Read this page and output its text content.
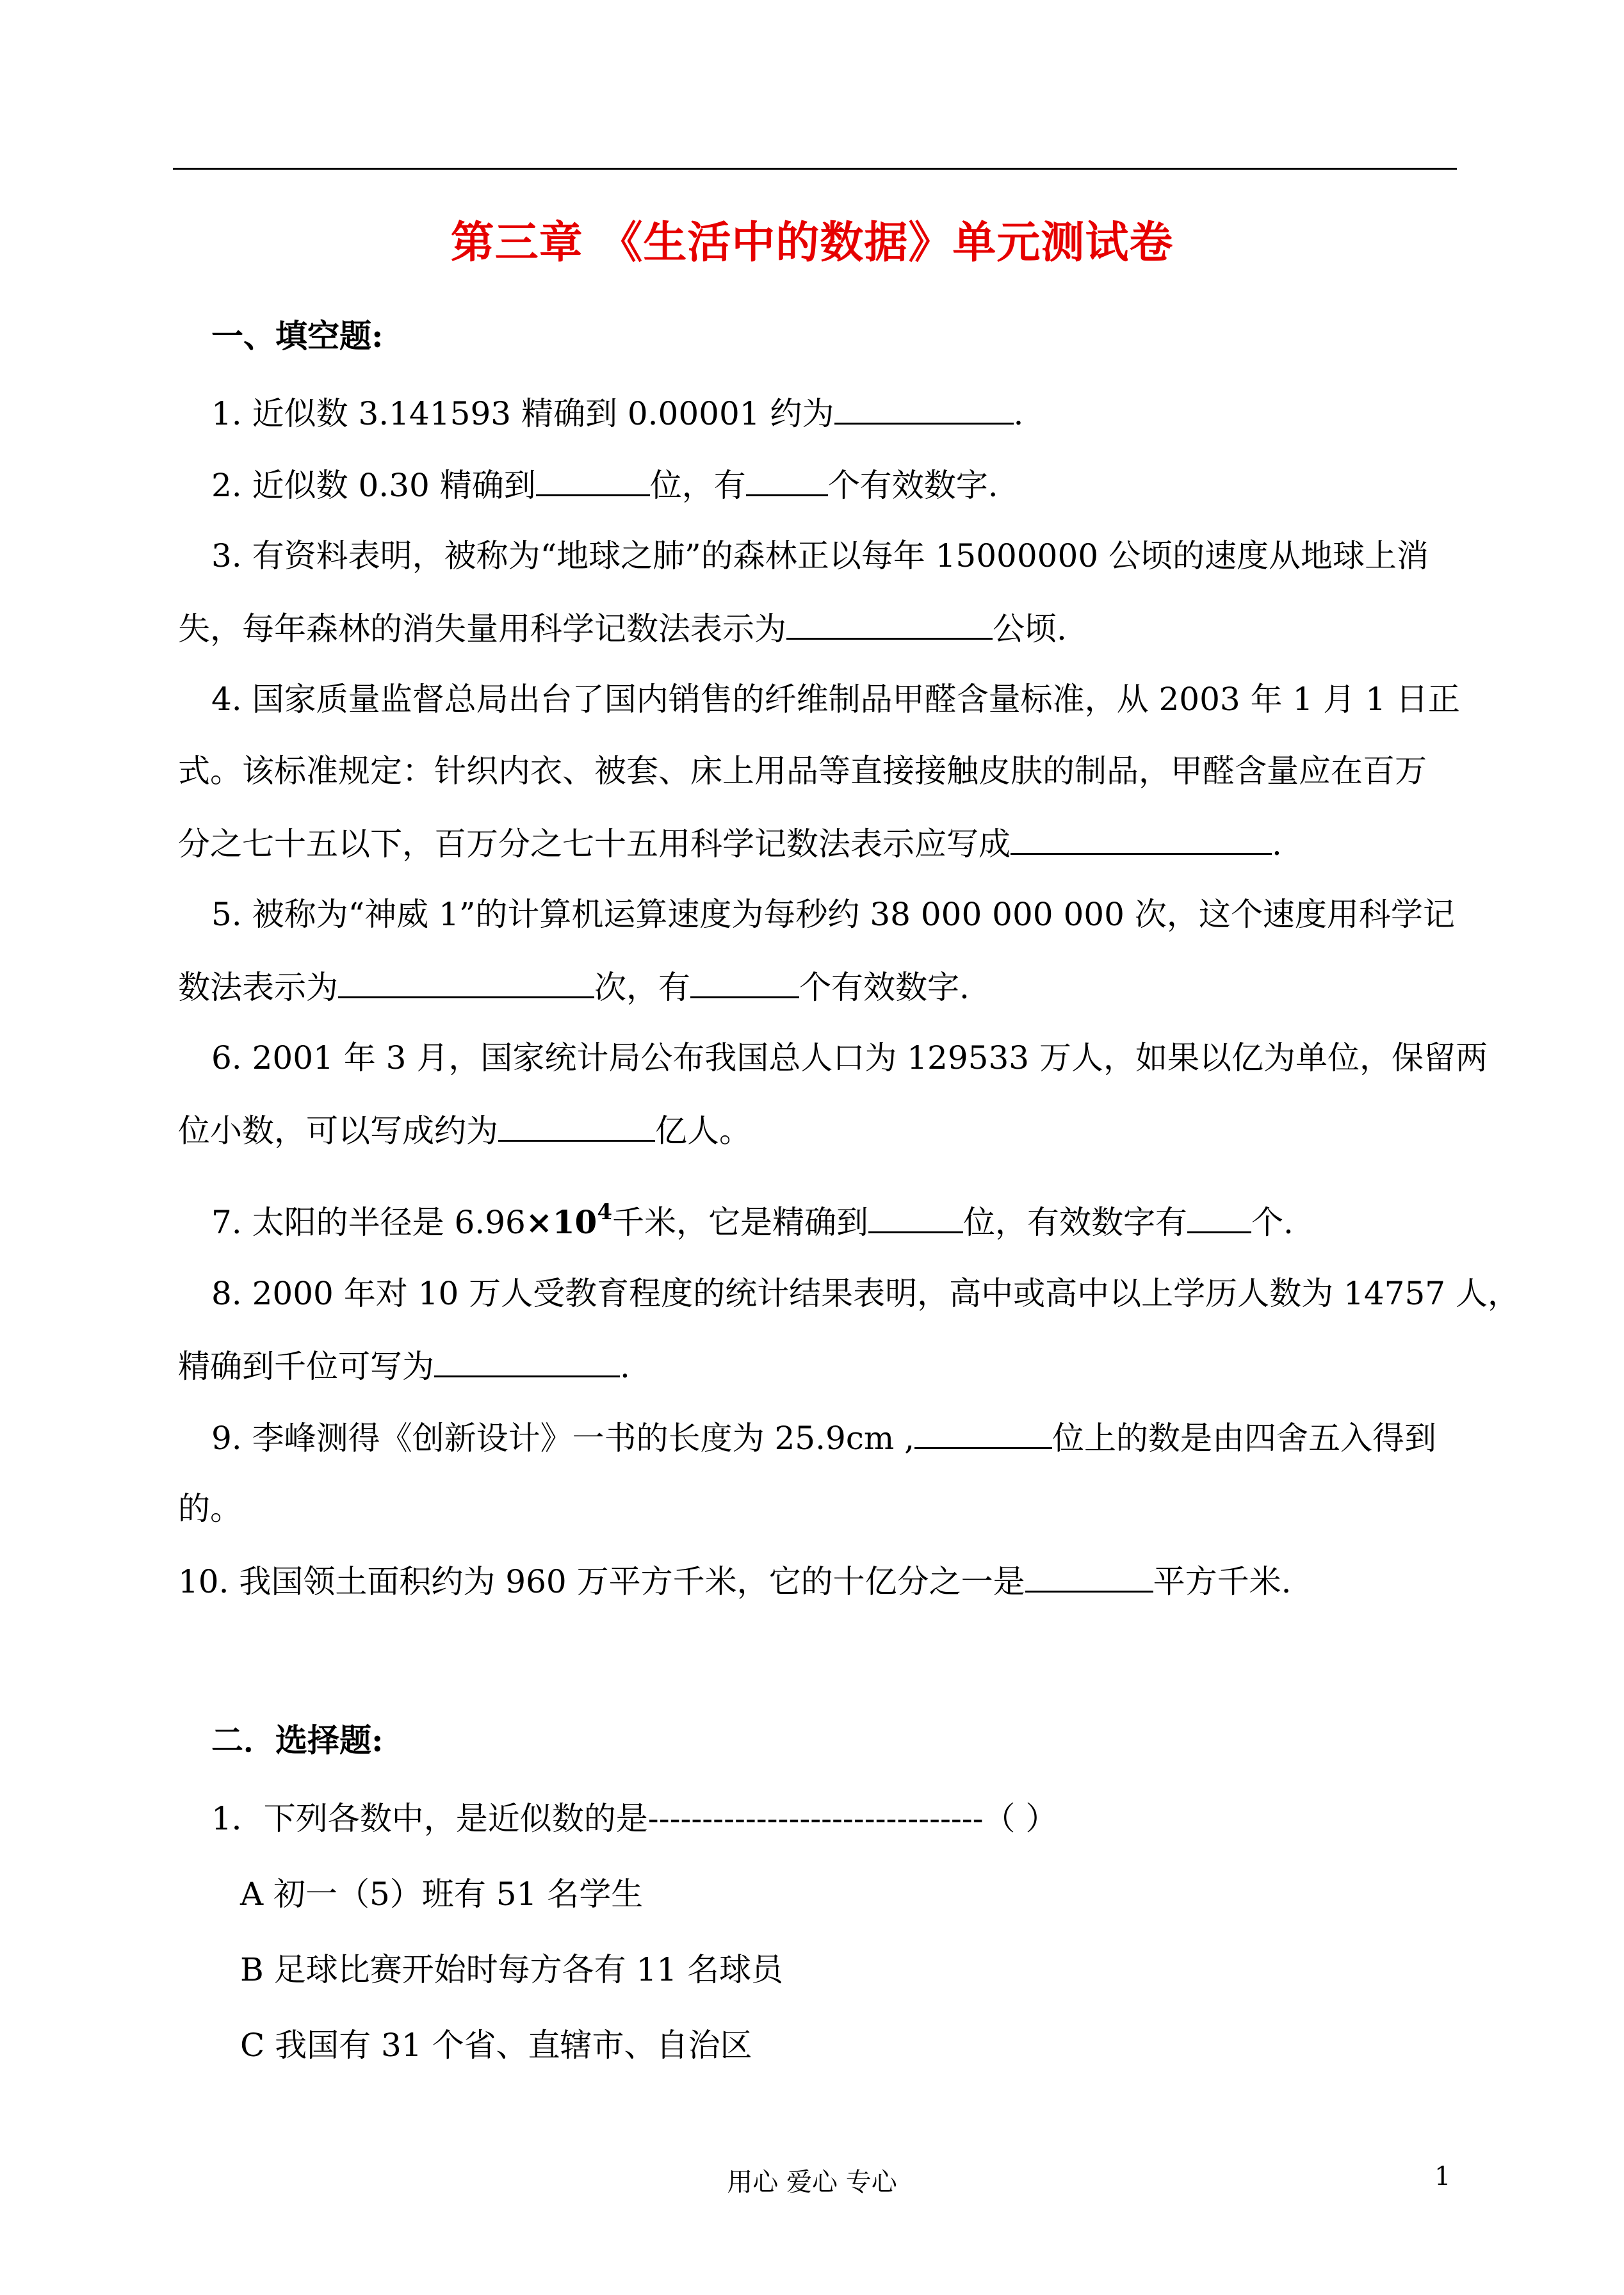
第三章 《生活中的数据》单元测试卷
一、填空题:
1. 近似数 3.141593 精确到 0.00001 约为	.
2. 近似数 0.30 精确到	位，有	个有效数字.
3. 有资料表明，被称为“地球之肺”的森林正以每年 15000000 公顷的速度从地球上消
失，每年森林的消失量用科学记数法表示为	公顷.
4. 国家质量监督总局出台了国内销售的纤维制品甲醛含量标准，从 2003 年 1 月 1 日正
式。该标准规定：针织内衣、被套、床上用品等直接接触皮肤的制品，甲醛含量应在百万
分之七十五以下，百万分之七十五用科学记数法表示应写成	.
5. 被称为“神威 1”的计算机运算速度为每秒约 38 000 000 000 次，这个速度用科学记
数法表示为	次，有	个有效数字.
6. 2001 年 3 月，国家统计局公布我国总人口为 129533 万人，如果以亿为单位，保留两
位小数，可以写成约为	亿人。
7. 太阳的半径是 $6.96\times 10^4$千米，它是精确到	位，有效数字有 个.
8. 2000 年对 10 万人受教育程度的统计结果表明，高中或高中以上学历人数为 14757 人，
精确到千位可写为	.
9. 李峰测得《创新设计》一书的长度为 25.9cm ,	位上的数是由四舍五入得到
的。
10. 我国领土面积约为 960 万平方千米，它的十亿分之一是	平方千米.
二．选择题:
1．下列各数中，是近似数的是-------------------------------（ ）
A 初一（5）班有 51 名学生
B 足球比赛开始时每方各有 11 名球员
C 我国有 31 个省、直辖市、自治区
用心 爱心 专心	1
